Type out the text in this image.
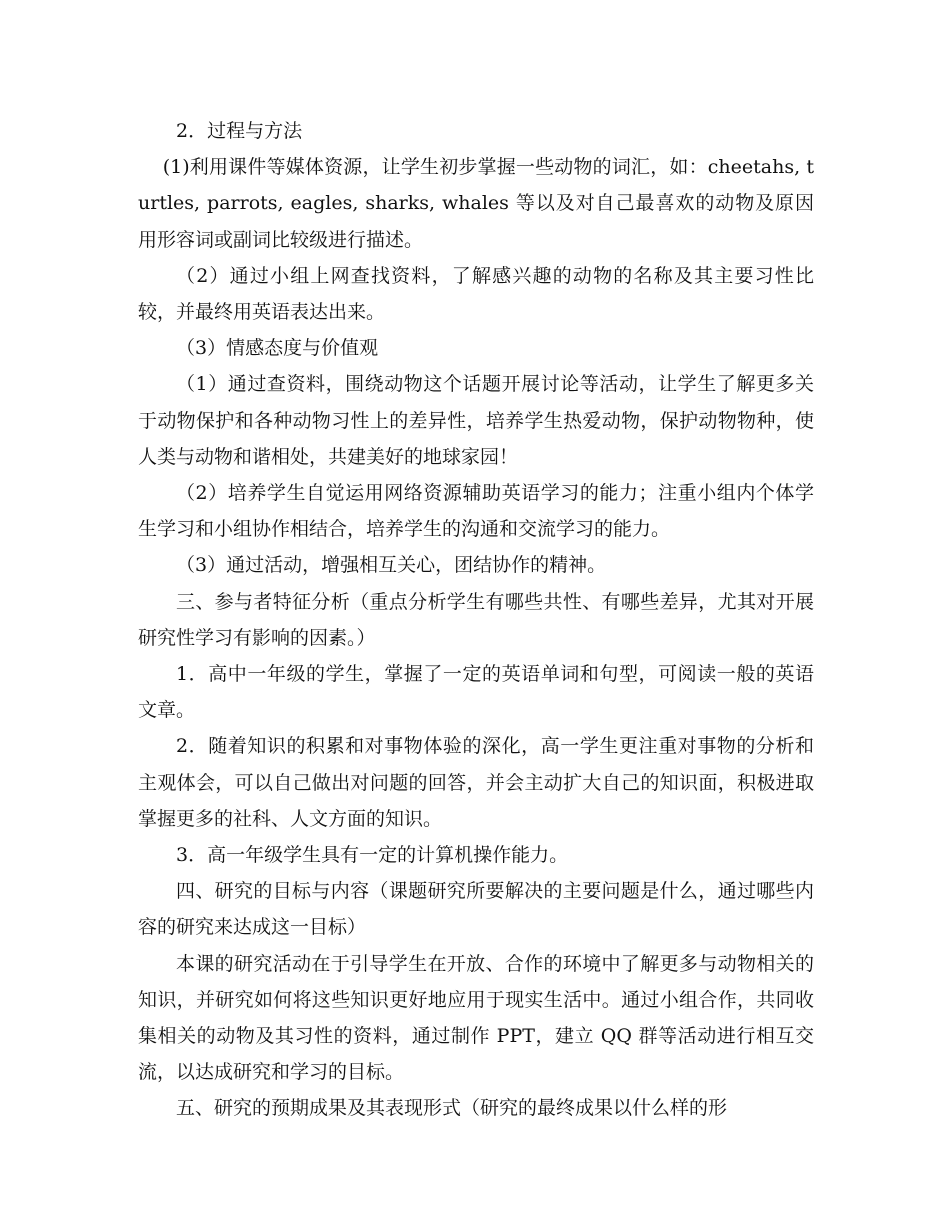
2．过程与方法

(1)利用课件等媒体资源，让学生初步掌握一些动物的词汇，如：cheetahs, turtles, parrots, eagles, sharks, whales 等以及对自己最喜欢的动物及原因用形容词或副词比较级进行描述。

（2）通过小组上网查找资料，了解感兴趣的动物的名称及其主要习性比较，并最终用英语表达出来。

（3）情感态度与价值观

（1）通过查资料，围绕动物这个话题开展讨论等活动，让学生了解更多关于动物保护和各种动物习性上的差异性，培养学生热爱动物，保护动物物种，使人类与动物和谐相处，共建美好的地球家园！

（2）培养学生自觉运用网络资源辅助英语学习的能力；注重小组内个体学生学习和小组协作相结合，培养学生的沟通和交流学习的能力。

（3）通过活动，增强相互关心，团结协作的精神。

三、参与者特征分析（重点分析学生有哪些共性、有哪些差异，尤其对开展研究性学习有影响的因素。）

1．高中一年级的学生，掌握了一定的英语单词和句型，可阅读一般的英语文章。

2．随着知识的积累和对事物体验的深化，高一学生更注重对事物的分析和主观体会，可以自己做出对问题的回答，并会主动扩大自己的知识面，积极进取掌握更多的社科、人文方面的知识。

3．高一年级学生具有一定的计算机操作能力。

四、研究的目标与内容（课题研究所要解决的主要问题是什么，通过哪些内容的研究来达成这一目标）

本课的研究活动在于引导学生在开放、合作的环境中了解更多与动物相关的知识，并研究如何将这些知识更好地应用于现实生活中。通过小组合作，共同收集相关的动物及其习性的资料，通过制作 PPT，建立 QQ 群等活动进行相互交流，以达成研究和学习的目标。

五、研究的预期成果及其表现形式（研究的最终成果以什么样的形
